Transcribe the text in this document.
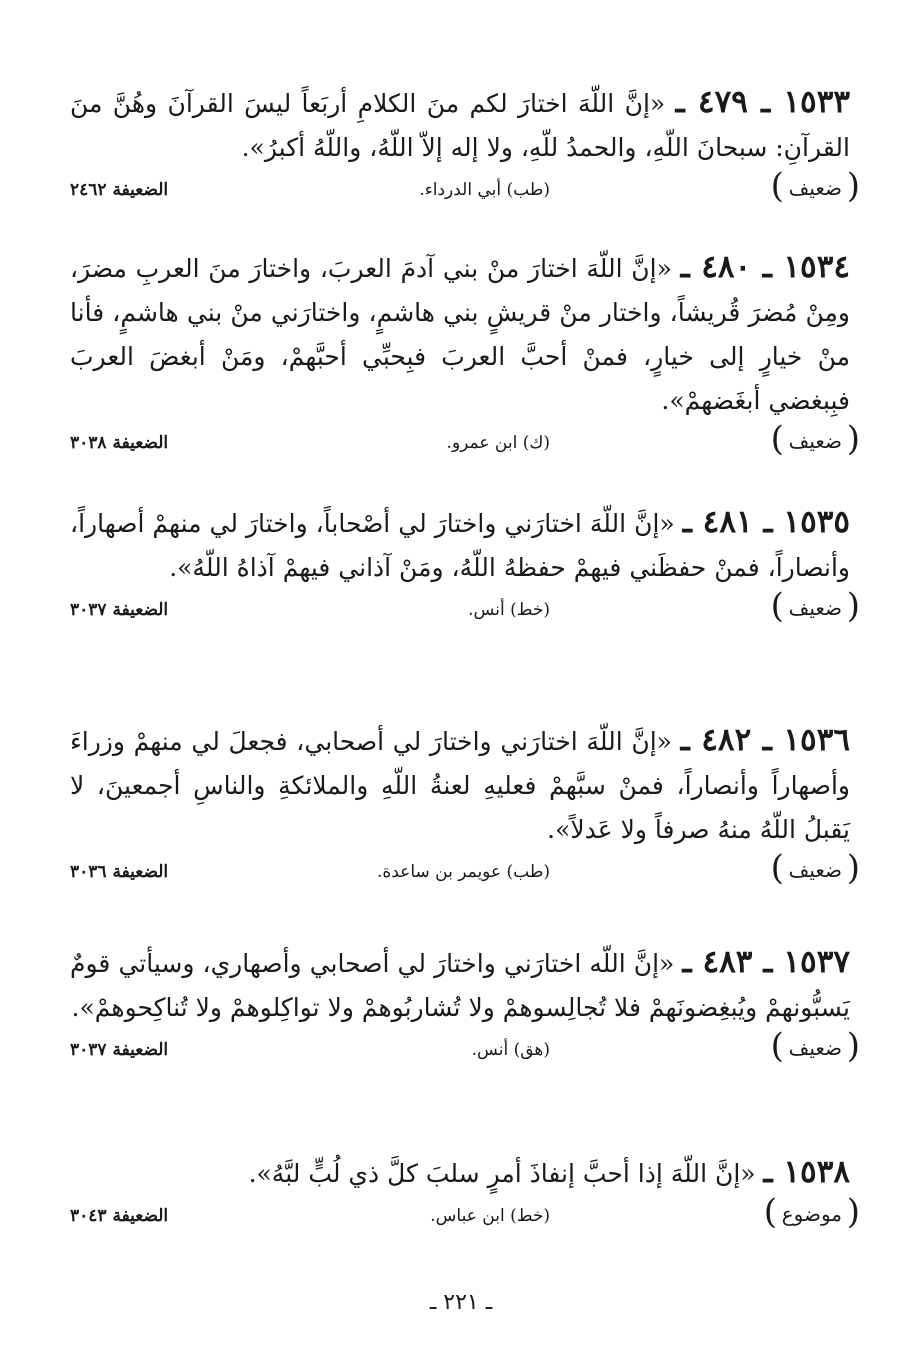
١٥٣٣ ـ ٤٧٩ ـ «إنَّ اللّهَ اختارَ لكم منَ الكلامِ أربَعاً ليسَ القرآنَ وهُنَّ منَ القرآنِ: سبحانَ اللّهِ، والحمدُ للّهِ، ولا إله إلاّ اللّهُ، واللّهُ أكبرُ».

( ضعيف )
(طب) أبي الدرداء.
الضعيفة ٢٤٦٢

١٥٣٤ ـ ٤٨٠ ـ «إنَّ اللّهَ اختارَ منْ بني آدمَ العربَ، واختارَ منَ العربِ مضرَ، ومِنْ مُضرَ قُريشاً، واختار منْ قريشٍ بني هاشمٍ، واختارَني منْ بني هاشمٍ، فأنا منْ خيارٍ إلى خيارٍ، فمنْ أحبَّ العربَ فبِحبِّي أحبَّهمْ، ومَنْ أبغضَ العربَ فبِبغضي أبغَضهمْ».

( ضعيف )
(ك) ابن عمرو.
الضعيفة ٣٠٣٨

١٥٣٥ ـ ٤٨١ ـ «إنَّ اللّهَ اختارَني واختارَ لي أصْحاباً، واختارَ لي منهمْ أصهاراً، وأنصاراً، فمنْ حفظَني فيهمْ حفظهُ اللّهُ، ومَنْ آذاني فيهمْ آذاهُ اللّهُ».

( ضعيف )
(خط) أنس.
الضعيفة ٣٠٣٧

١٥٣٦ ـ ٤٨٢ ـ «إنَّ اللّهَ اختارَني واختارَ لي أصحابي، فجعلَ لي منهمْ وزراءَ وأصهاراً وأنصاراً، فمنْ سبَّهمْ فعليهِ لعنةُ اللّهِ والملائكةِ والناسِ أجمعينَ، لا يَقبلُ اللّهُ منهُ صرفاً ولا عَدلاً».

( ضعيف )
(طب) عويمر بن ساعدة.
الضعيفة ٣٠٣٦

١٥٣٧ ـ ٤٨٣ ـ «إنَّ اللّه اختارَني واختارَ لي أصحابي وأصهاري، وسيأتي قومٌ يَسبُّونهمْ ويُبغِضونَهمْ فلا تُجالِسوهمْ ولا تُشاربُوهمْ ولا تواكِلوهمْ ولا تُناكِحوهمْ».

( ضعيف )
(هق) أنس.
الضعيفة ٣٠٣٧

١٥٣٨ ـ «إنَّ اللّهَ إذا أحبَّ إنفاذَ أمرٍ سلبَ كلَّ ذي لُبٍّ لبَّهُ».

( موضوع )
(خط) ابن عباس.
الضعيفة ٣٠٤٣
ـ ٢٢١ ـ
